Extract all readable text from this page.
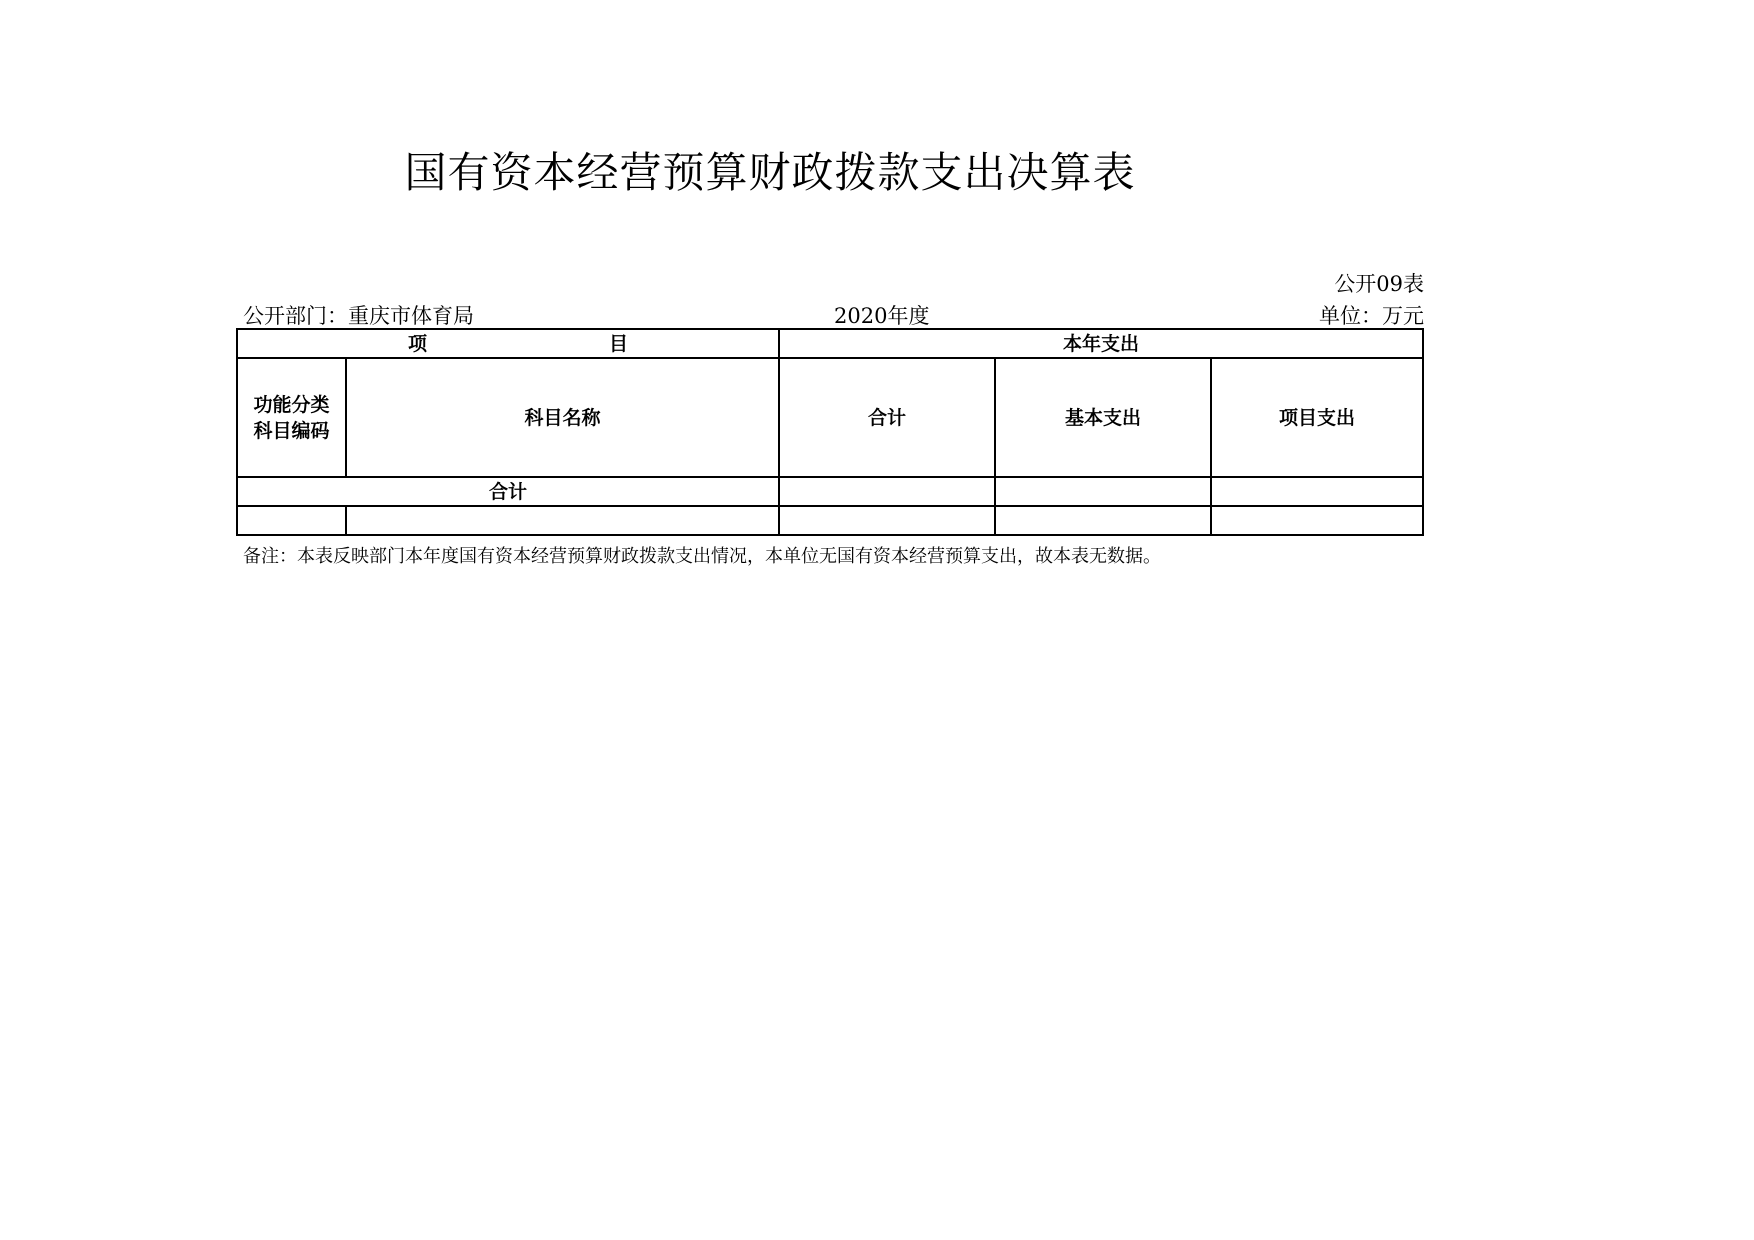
国有资本经营预算财政拨款支出决算表
公开09表
公开部门：重庆市体育局	2020年度	单位：万元
项 目		本年支出		

功能分类科目编码	科目名称	合计	基本支出	项目支出
合计				

备注：本表反映部门本年度国有资本经营预算财政拨款支出情况，本单位无国有资本经营预算支出，故本表无数据。
